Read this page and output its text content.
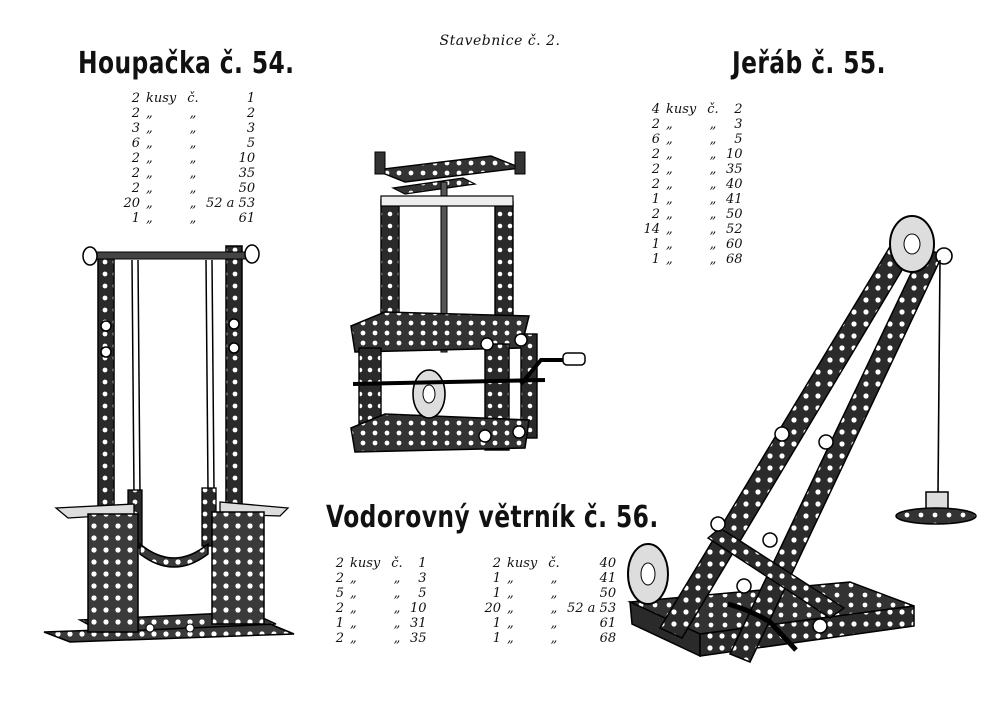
Stavebnice č. 2.
Houpačka č. 54.	Jeřáb č. 55.
Vodorovný větrník č. 56.
2	kusy	č.	1
2	„	„	2
3	„	„	3
6	„	„	5
2	„	„	10
2	„	„	35
2	„	„	50
20	„	„	52 a 53
1	„	„	61
4	kusy	č.	2
2	„	„	3
6	„	„	5
2	„	„	10
2	„	„	35
2	„	„	40
1	„	„	41
2	„	„	50
14	„	„	52
1	„	„	60
1	„	„	68
2	kusy	č.	1
2	„	„	3
5	„	„	5
2	„	„	10
1	„	„	31
2	„	„	35
2	kusy	č.	40
1	„	„	41
1	„	„	50
20	„	„	52 a 53
1	„	„	61
1	„	„	68
